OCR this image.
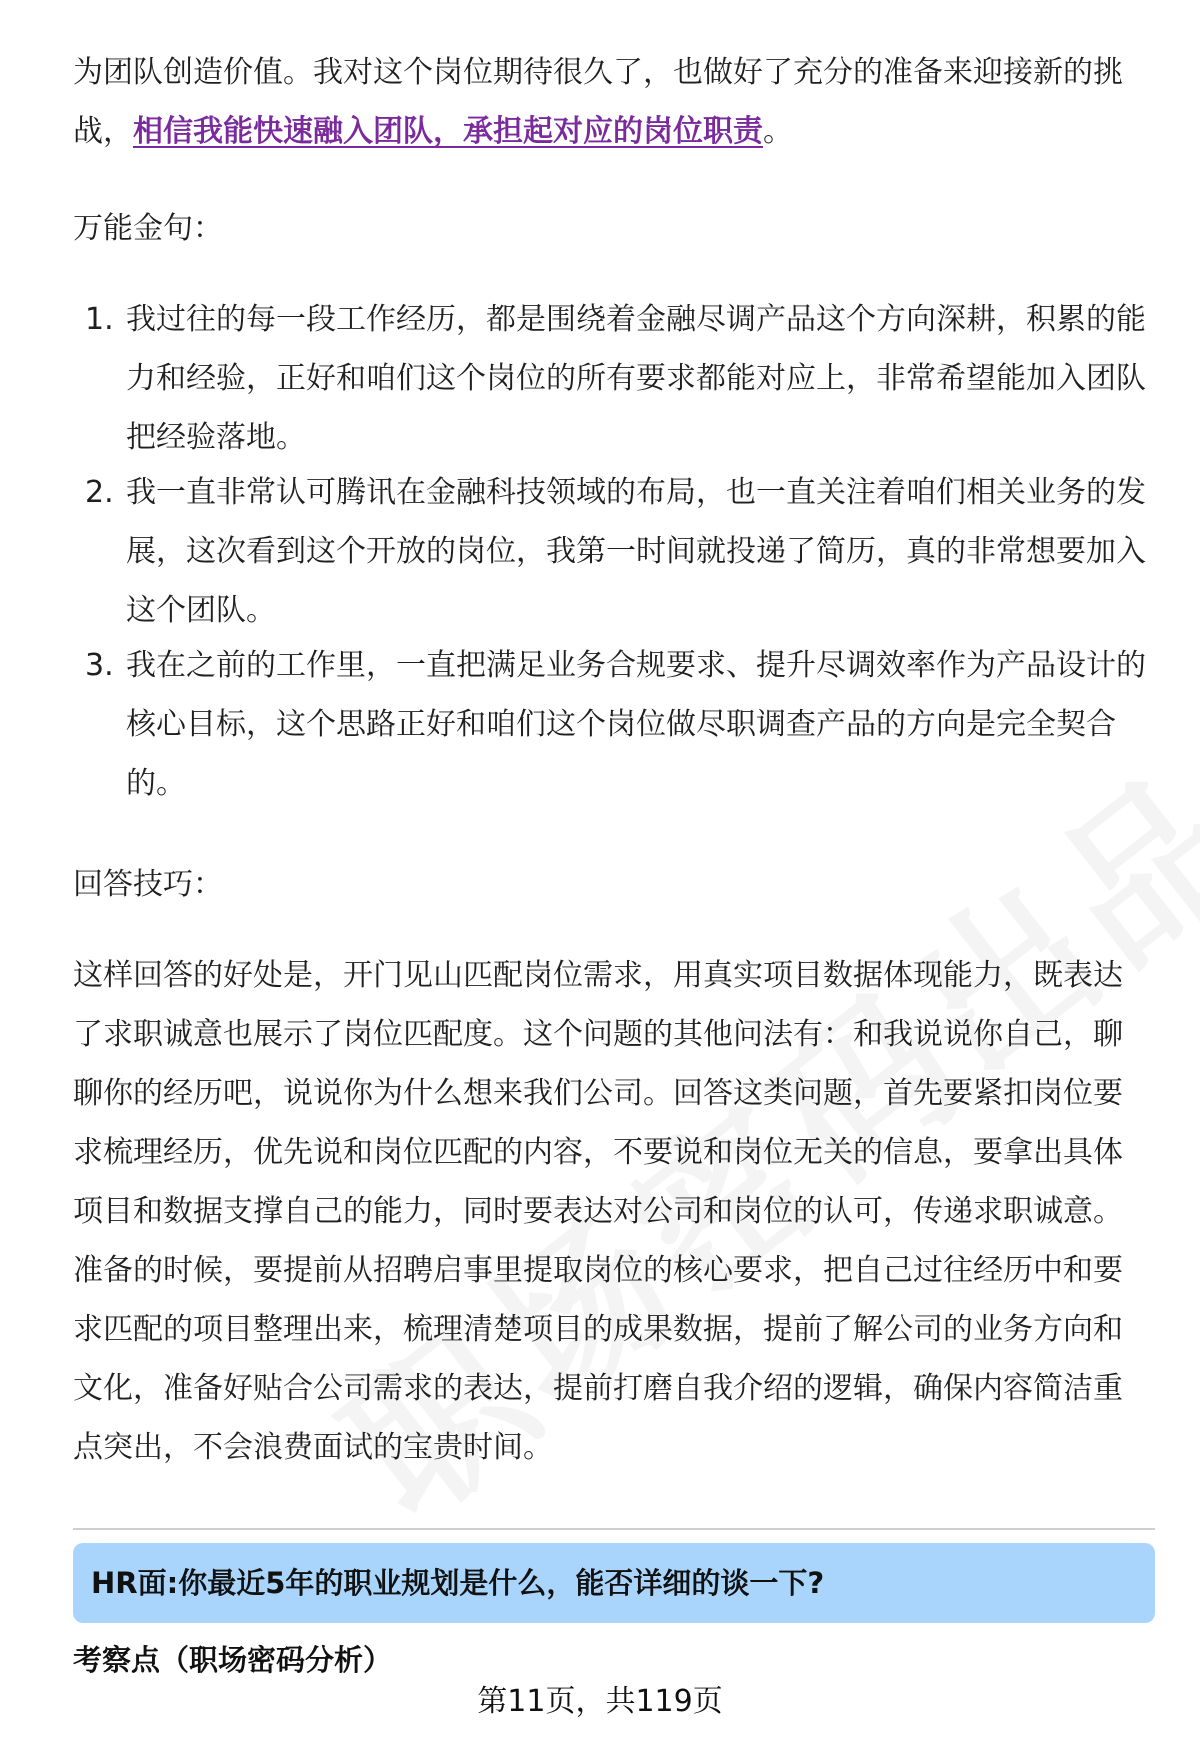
为团队创造价值。我对这个岗位期待很久了，也做好了充分的准备来迎接新的挑战，相信我能快速融入团队，承担起对应的岗位职责。

万能金句：
1. 我过往的每一段工作经历，都是围绕着金融尽调产品这个方向深耕，积累的能力和经验，正好和咱们这个岗位的所有要求都能对应上，非常希望能加入团队把经验落地。
2. 我一直非常认可腾讯在金融科技领域的布局，也一直关注着咱们相关业务的发展，这次看到这个开放的岗位，我第一时间就投递了简历，真的非常想要加入这个团队。
3. 我在之前的工作里，一直把满足业务合规要求、提升尽调效率作为产品设计的核心目标，这个思路正好和咱们这个岗位做尽职调查产品的方向是完全契合的。
回答技巧：

这样回答的好处是，开门见山匹配岗位需求，用真实项目数据体现能力，既表达了求职诚意也展示了岗位匹配度。这个问题的其他问法有：和我说说你自己，聊聊你的经历吧，说说你为什么想来我们公司。回答这类问题，首先要紧扣岗位要求梳理经历，优先说和岗位匹配的内容，不要说和岗位无关的信息，要拿出具体项目和数据支撑自己的能力，同时要表达对公司和岗位的认可，传递求职诚意。准备的时候，要提前从招聘启事里提取岗位的核心要求，把自己过往经历中和要求匹配的项目整理出来，梳理清楚项目的成果数据，提前了解公司的业务方向和文化，准备好贴合公司需求的表达，提前打磨自我介绍的逻辑，确保内容简洁重点突出，不会浪费面试的宝贵时间。

HR面:你最近5年的职业规划是什么，能否详细的谈一下?
考察点（职场密码分析）
第11页，共119页
